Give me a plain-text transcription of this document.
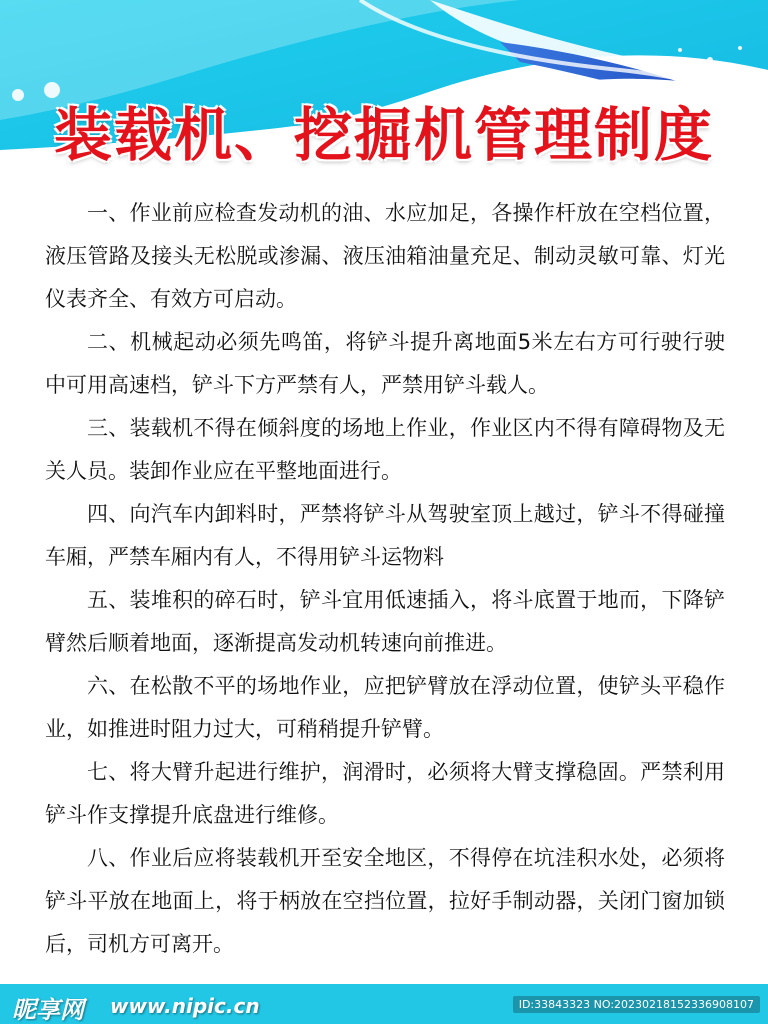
装载机、挖掘机管理制度

一、作业前应检查发动机的油、水应加足，各操作杆放在空档位置，液压管路及接头无松脱或渗漏、液压油箱油量充足、制动灵敏可靠、灯光仪表齐全、有效方可启动。

二、机械起动必须先鸣笛，将铲斗提升离地面5米左右方可行驶行驶中可用高速档，铲斗下方严禁有人，严禁用铲斗载人。

三、装载机不得在倾斜度的场地上作业，作业区内不得有障碍物及无关人员。装卸作业应在平整地面进行。

四、向汽车内卸料时，严禁将铲斗从驾驶室顶上越过，铲斗不得碰撞车厢，严禁车厢内有人，不得用铲斗运物料

五、装堆积的碎石时，铲斗宜用低速插入，将斗底置于地而，下降铲臂然后顺着地面，逐渐提高发动机转速向前推进。

六、在松散不平的场地作业，应把铲臂放在浮动位置，使铲头平稳作业，如推进时阻力过大，可稍稍提升铲臂。

七、将大臂升起进行维护，润滑时，必须将大臂支撑稳固。严禁利用铲斗作支撑提升底盘进行维修。

八、作业后应将装载机开至安全地区，不得停在坑洼积水处，必须将铲斗平放在地面上，将于柄放在空挡位置，拉好手制动器，关闭门窗加锁后，司机方可离开。

昵享网 www.nipic.cn	ID:33843323 NO:20230218152336908107
